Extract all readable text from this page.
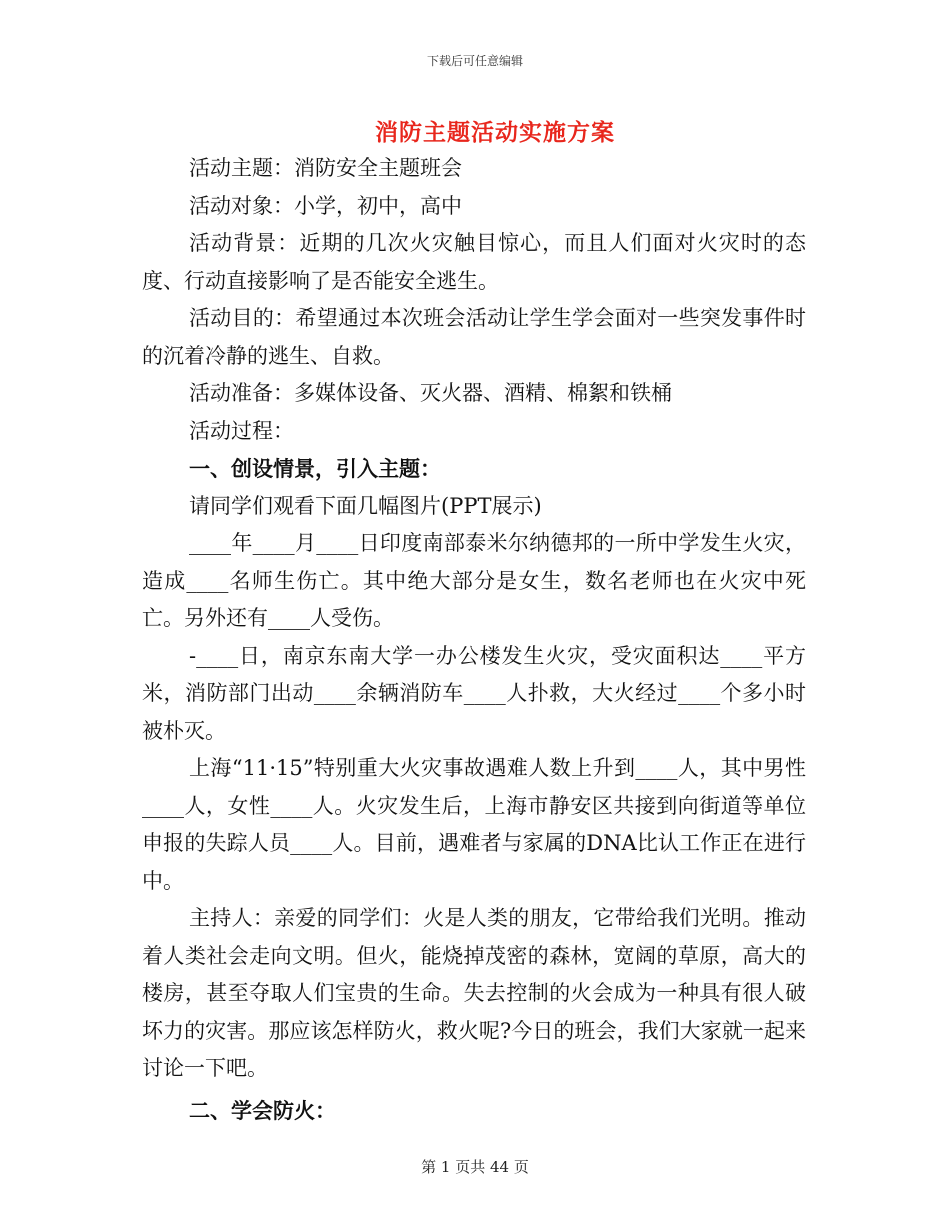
下载后可任意编辑
消防主题活动实施方案

活动主题：消防安全主题班会

活动对象：小学，初中，高中

活动背景：近期的几次火灾触目惊心，而且人们面对火灾时的态度、行动直接影响了是否能安全逃生。

活动目的：希望通过本次班会活动让学生学会面对一些突发事件时的沉着冷静的逃生、自救。

活动准备：多媒体设备、灭火器、酒精、棉絮和铁桶

活动过程：

一、创设情景，引入主题：

请同学们观看下面几幅图片(PPT展示)

____年____月____日印度南部泰米尔纳德邦的一所中学发生火灾，造成____名师生伤亡。其中绝大部分是女生，数名老师也在火灾中死亡。另外还有____人受伤。

-____日，南京东南大学一办公楼发生火灾，受灾面积达____平方米，消防部门出动____余辆消防车____人扑救，大火经过____个多小时被朴灭。

上海“11·15”特别重大火灾事故遇难人数上升到____人，其中男性____人，女性____人。火灾发生后，上海市静安区共接到向街道等单位申报的失踪人员____人。目前，遇难者与家属的DNA比认工作正在进行中。

主持人：亲爱的同学们：火是人类的朋友，它带给我们光明。推动着人类社会走向文明。但火，能烧掉茂密的森林，宽阔的草原，高大的楼房，甚至夺取人们宝贵的生命。失去控制的火会成为一种具有很人破坏力的灾害。那应该怎样防火，救火呢?今日的班会，我们大家就一起来讨论一下吧。

二、学会防火：

第 1 页共 44 页
